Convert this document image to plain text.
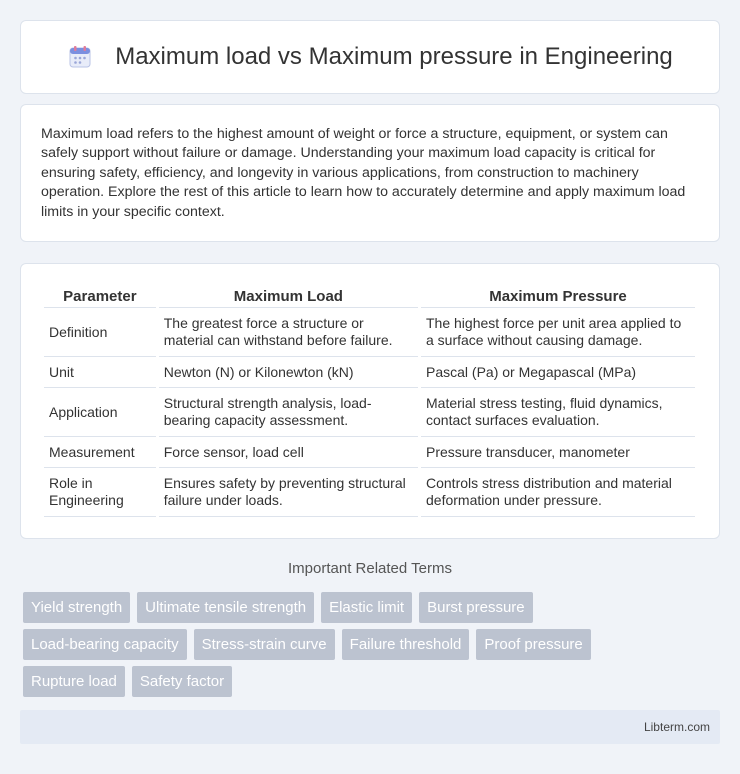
Maximum load vs Maximum pressure in Engineering

Maximum load refers to the highest amount of weight or force a structure, equipment, or system can safely support without failure or damage. Understanding your maximum load capacity is critical for ensuring safety, efficiency, and longevity in various applications, from construction to machinery operation. Explore the rest of this article to learn how to accurately determine and apply maximum load limits in your specific context.

Parameter	Maximum Load	Maximum Pressure
Definition	The greatest force a structure or material can withstand before failure.	The highest force per unit area applied to a surface without causing damage.
Unit	Newton (N) or Kilonewton (kN)	Pascal (Pa) or Megapascal (MPa)
Application	Structural strength analysis, load-bearing capacity assessment.	Material stress testing, fluid dynamics, contact surfaces evaluation.
Measurement	Force sensor, load cell	Pressure transducer, manometer
Role in Engineering	Ensures safety by preventing structural failure under loads.	Controls stress distribution and material deformation under pressure.
Important Related Terms
Yield strength	Ultimate tensile strength	Elastic limit	Burst pressure
Load-bearing capacity	Stress-strain curve	Failure threshold	Proof pressure
Rupture load	Safety factor
Libterm.com
